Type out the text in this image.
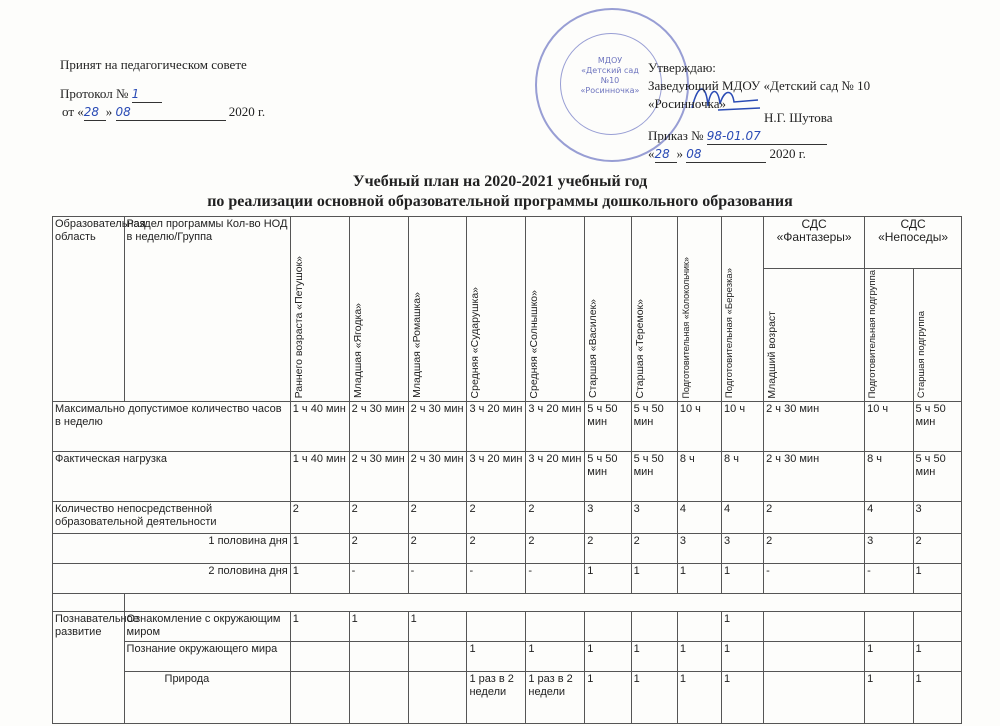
Принят на педагогическом совете
Протокол № 1
от «28 » 08	2020 г.
МДОУ
«Детский сад
№10
«Росинночка»
Утверждаю:
Заведующий МДОУ «Детский сад № 10
«Росинночка»
Н.Г. Шутова
Приказ № 98-01.07
«28 » 08	2020 г.
Учебный план на 2020-2021 учебный год
по реализации основной образовательной программы дошкольного образования
Образовательная область	Раздел программы Кол-во НОД в неделю/Группа	Раннего возраста «Петушок»	Младшая «Ягодка»	Младшая «Ромашка»	Средняя «Сударушка»	Средняя «Солнышко»	Старшая «Василек»	Старшая «Теремок»	Подготовительная «Колокольчик»	Подготовительная «Березка»	СДС «Фантазеры»	СДС «Непоседы»	

											Младший возраст	Подготовительная подгруппа	Старшая подгруппа

Максимально допустимое количество часов в неделю		1 ч 40 мин	2 ч 30 мин	2 ч 30 мин	3 ч 20 мин	3 ч 20 мин	5 ч 50 мин	5 ч 50 мин	10 ч	10 ч	2 ч 30 мин	10 ч	5 ч 50 мин
Фактическая нагрузка		1 ч 40 мин	2 ч 30 мин	2 ч 30 мин	3 ч 20 мин	3 ч 20 мин	5 ч 50 мин	5 ч 50 мин	8 ч	8 ч	2 ч 30 мин	8 ч	5 ч 50 мин
Количество непосредственной образовательной деятельности		2	2	2	2	2	3	3	4	4	2	4	3
1 половина дня		1	2	2	2	2	2	2	3	3	2	3	2
2 половина дня		1	-	-	-	-	1	1	1	1	-	-	1

Познавательное развитие	Ознакомление с окружающим миром	1	1	1						1			
	Познание окружающего мира				1	1	1	1	1	1		1	1
	Природа				1 раз в 2 недели	1 раз в 2 недели	1	1	1	1		1	1
